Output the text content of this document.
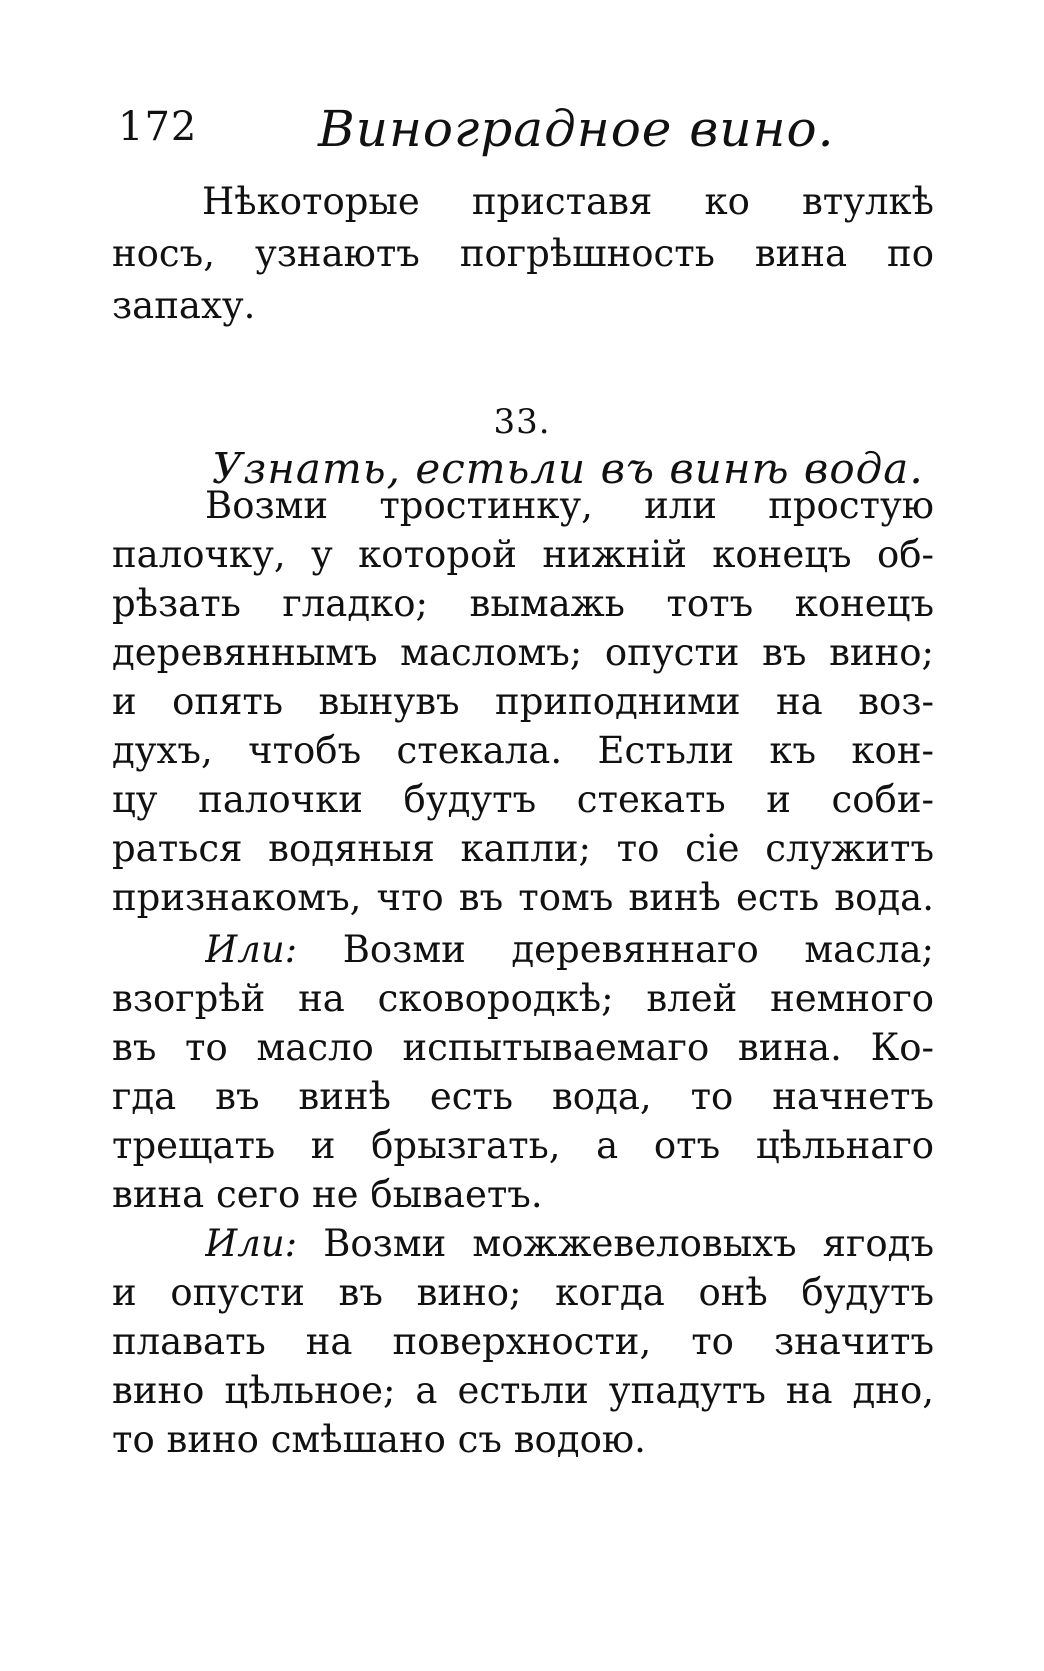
172 Виноградное вино.
Нѣкоторые приставя ко втулкѣ
носъ, узнаютъ погрѣшность вина по
запаху.
33.
Узнать, естьли въ винѣ вода.
Возми тростинку, или простую
палочку, у которой нижнiй конецъ об-
рѣзать гладко; вымажь тотъ конецъ
деревяннымъ масломъ; опусти въ вино;
и опять вынувъ приподними на воз-
духъ, чтобъ стекала. Естьли къ кон-
цу палочки будутъ стекать и соби-
раться водяныя капли; то сiе служитъ
признакомъ, что въ томъ винѣ есть вода.
Или: Возми деревяннаго масла;
взогрѣй на сковородкѣ; влей немного
въ то масло испытываемаго вина. Ко-
гда въ винѣ есть вода, то начнетъ
трещать и брызгать, а отъ цѣльнаго
вина сего не бываетъ.
Или: Возми можжевеловыхъ ягодъ
и опусти въ вино; когда онѣ будутъ
плавать на поверхности, то значитъ
вино цѣльное; а естьли упадутъ на дно,
то вино смѣшано съ водою.
